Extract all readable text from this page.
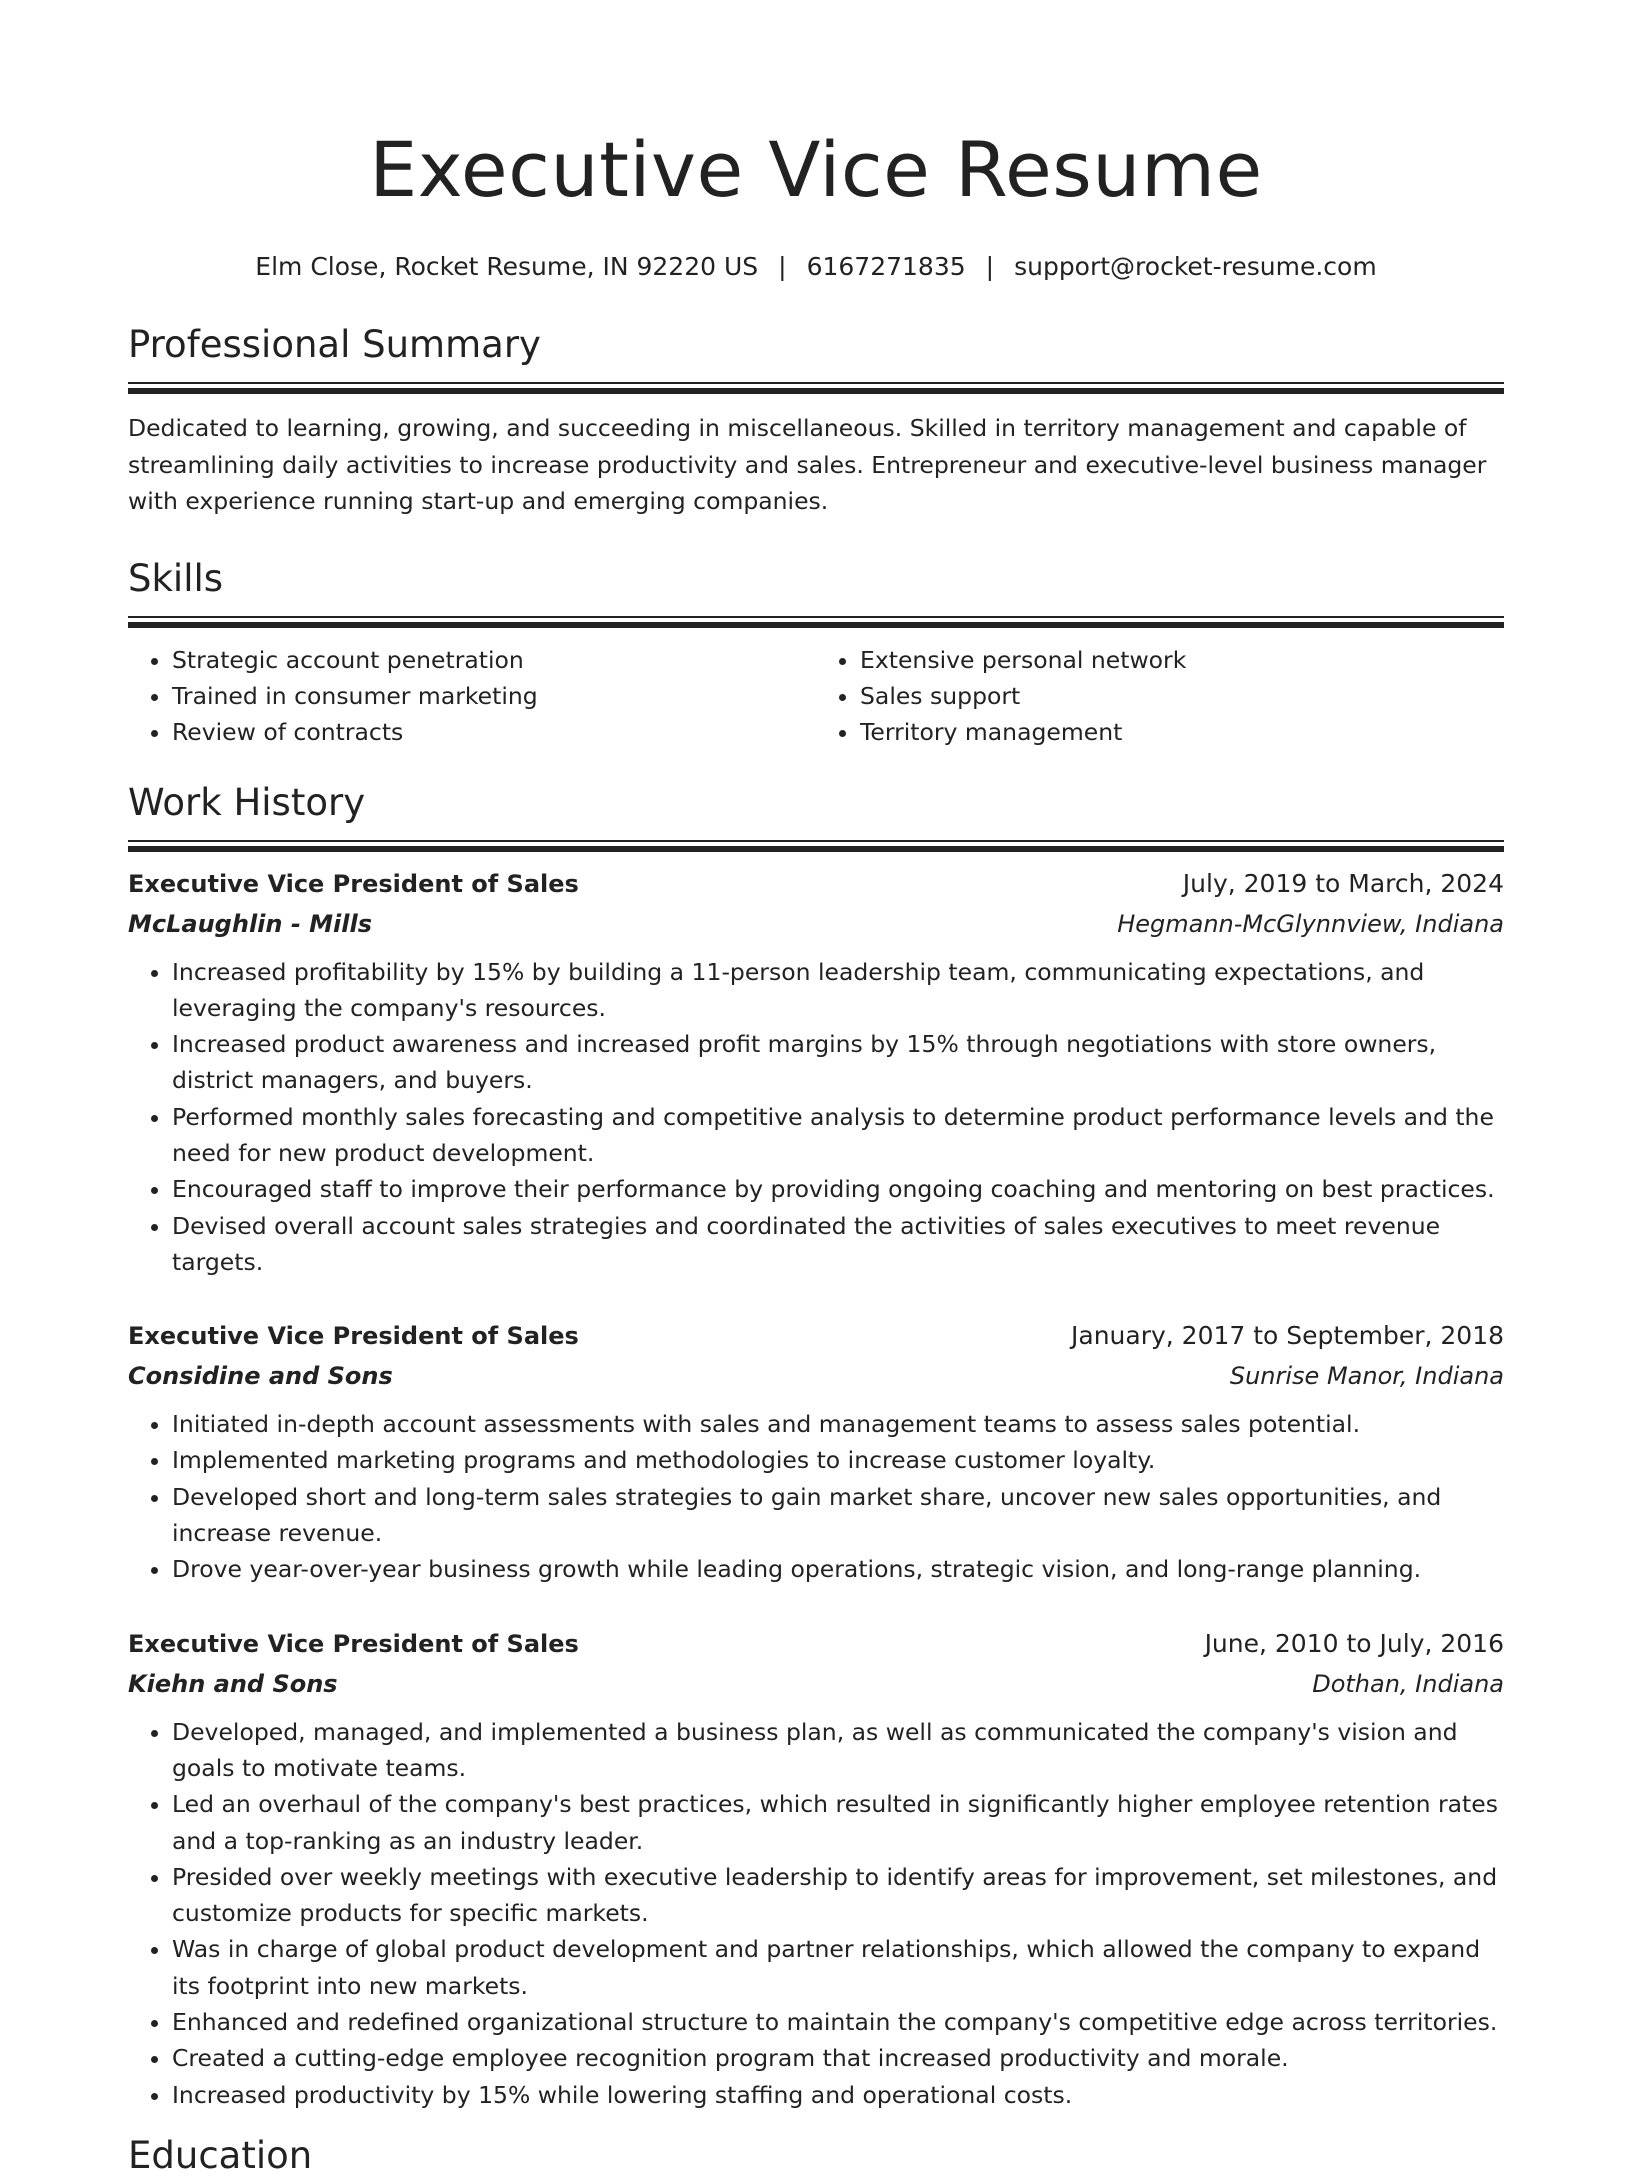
Executive Vice Resume
Elm Close, Rocket Resume, IN 92220 US | 6167271835 | support@rocket-resume.com
Professional Summary
Dedicated to learning, growing, and succeeding in miscellaneous. Skilled in territory management and capable of streamlining daily activities to increase productivity and sales. Entrepreneur and executive-level business manager with experience running start-up and emerging companies.
Skills
• Strategic account penetration
• Trained in consumer marketing
• Review of contracts
• Extensive personal network
• Sales support
• Territory management
Work History
Executive Vice President of Sales	July, 2019 to March, 2024
McLaughlin - Mills	Hegmann-McGlynnview, Indiana
• Increased profitability by 15% by building a 11-person leadership team, communicating expectations, and leveraging the company's resources.
• Increased product awareness and increased profit margins by 15% through negotiations with store owners, district managers, and buyers.
• Performed monthly sales forecasting and competitive analysis to determine product performance levels and the need for new product development.
• Encouraged staff to improve their performance by providing ongoing coaching and mentoring on best practices.
• Devised overall account sales strategies and coordinated the activities of sales executives to meet revenue targets.
Executive Vice President of Sales	January, 2017 to September, 2018
Considine and Sons	Sunrise Manor, Indiana
• Initiated in-depth account assessments with sales and management teams to assess sales potential.
• Implemented marketing programs and methodologies to increase customer loyalty.
• Developed short and long-term sales strategies to gain market share, uncover new sales opportunities, and increase revenue.
• Drove year-over-year business growth while leading operations, strategic vision, and long-range planning.
Executive Vice President of Sales	June, 2010 to July, 2016
Kiehn and Sons	Dothan, Indiana
• Developed, managed, and implemented a business plan, as well as communicated the company's vision and goals to motivate teams.
• Led an overhaul of the company's best practices, which resulted in significantly higher employee retention rates and a top-ranking as an industry leader.
• Presided over weekly meetings with executive leadership to identify areas for improvement, set milestones, and customize products for specific markets.
• Was in charge of global product development and partner relationships, which allowed the company to expand its footprint into new markets.
• Enhanced and redefined organizational structure to maintain the company's competitive edge across territories.
• Created a cutting-edge employee recognition program that increased productivity and morale.
• Increased productivity by 15% while lowering staffing and operational costs.
Education
